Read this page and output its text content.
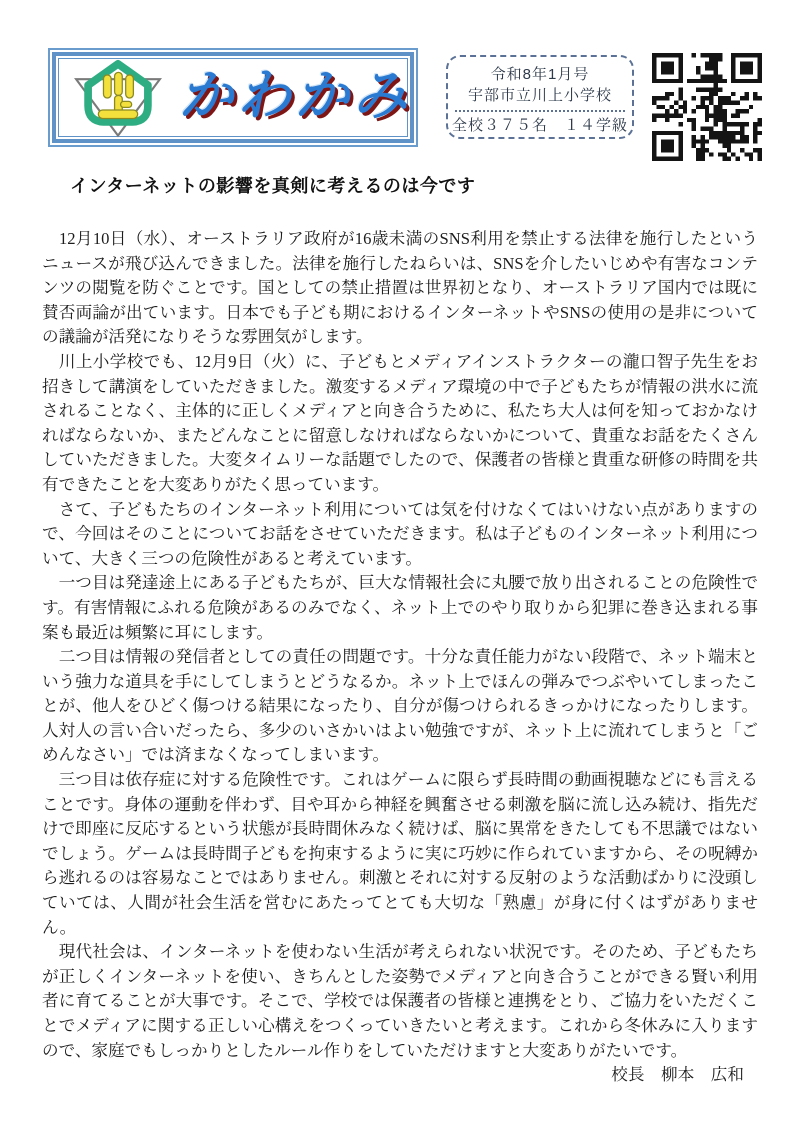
かわかみ	令和8年1月号
宇部市立川上小学校
全校３７５名　１４学級
インターネットの影響を真剣に考えるのは今です

　12月10日（水）、オーストラリア政府が16歳未満のSNS利用を禁止する法律を施行したというニュースが飛び込んできました。法律を施行したねらいは、SNSを介したいじめや有害なコンテンツの閲覧を防ぐことです。国としての禁止措置は世界初となり、オーストラリア国内では既に賛否両論が出ています。日本でも子ども期におけるインターネットやSNSの使用の是非についての議論が活発になりそうな雰囲気がします。

　川上小学校でも、12月9日（火）に、子どもとメディアインストラクターの瀧口智子先生をお招きして講演をしていただきました。激変するメディア環境の中で子どもたちが情報の洪水に流されることなく、主体的に正しくメディアと向き合うために、私たち大人は何を知っておかなければならないか、またどんなことに留意しなければならないかについて、貴重なお話をたくさんしていただきました。大変タイムリーな話題でしたので、保護者の皆様と貴重な研修の時間を共有できたことを大変ありがたく思っています。

　さて、子どもたちのインターネット利用については気を付けなくてはいけない点がありますので、今回はそのことについてお話をさせていただきます。私は子どものインターネット利用について、大きく三つの危険性があると考えています。

　一つ目は発達途上にある子どもたちが、巨大な情報社会に丸腰で放り出されることの危険性です。有害情報にふれる危険があるのみでなく、ネット上でのやり取りから犯罪に巻き込まれる事案も最近は頻繁に耳にします。

　二つ目は情報の発信者としての責任の問題です。十分な責任能力がない段階で、ネット端末という強力な道具を手にしてしまうとどうなるか。ネット上でほんの弾みでつぶやいてしまったことが、他人をひどく傷つける結果になったり、自分が傷つけられるきっかけになったりします。人対人の言い合いだったら、多少のいさかいはよい勉強ですが、ネット上に流れてしまうと「ごめんなさい」では済まなくなってしまいます。

　三つ目は依存症に対する危険性です。これはゲームに限らず長時間の動画視聴などにも言えることです。身体の運動を伴わず、目や耳から神経を興奮させる刺激を脳に流し込み続け、指先だけで即座に反応するという状態が長時間休みなく続けば、脳に異常をきたしても不思議ではないでしょう。ゲームは長時間子どもを拘束するように実に巧妙に作られていますから、その呪縛から逃れるのは容易なことではありません。刺激とそれに対する反射のような活動ばかりに没頭していては、人間が社会生活を営むにあたってとても大切な「熟慮」が身に付くはずがありません。

　現代社会は、インターネットを使わない生活が考えられない状況です。そのため、子どもたちが正しくインターネットを使い、きちんとした姿勢でメディアと向き合うことができる賢い利用者に育てることが大事です。そこで、学校では保護者の皆様と連携をとり、ご協力をいただくことでメディアに関する正しい心構えをつくっていきたいと考えます。これから冬休みに入りますので、家庭でもしっかりとしたルール作りをしていただけますと大変ありがたいです。

校長　柳本　広和
